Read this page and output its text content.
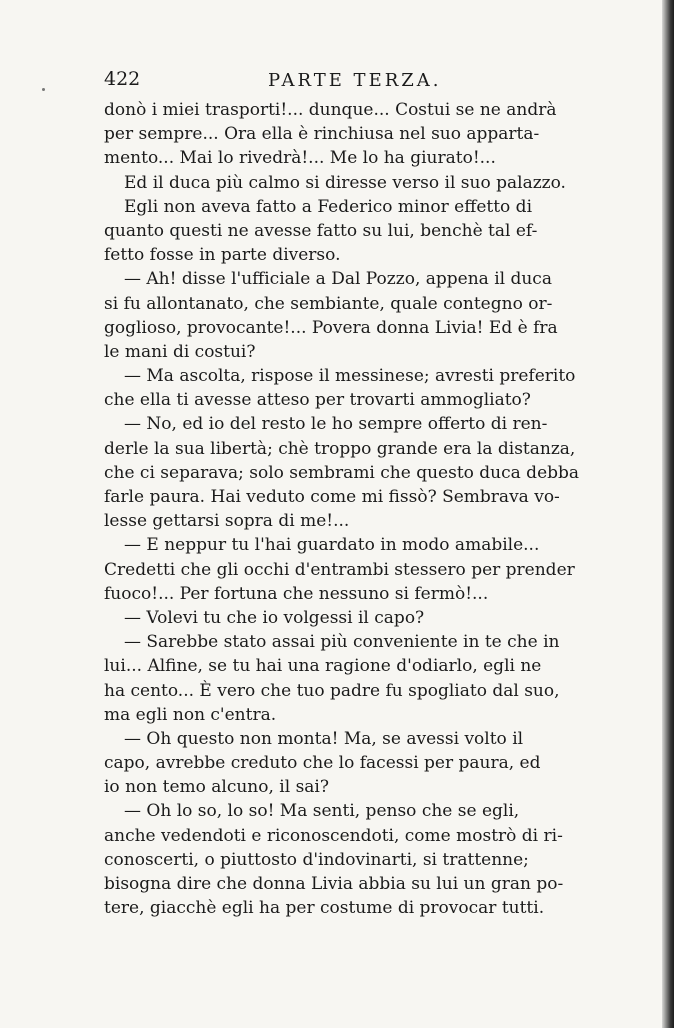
422	PARTE TERZA.
donò i miei trasporti!... dunque... Costui se ne andrà
per sempre... Ora ella è rinchiusa nel suo apparta-
mento... Mai lo rivedrà!... Me lo ha giurato!...
Ed il duca più calmo si diresse verso il suo palazzo.
Egli non aveva fatto a Federico minor effetto di
quanto questi ne avesse fatto su lui, benchè tal ef-
fetto fosse in parte diverso.
— Ah! disse l'ufficiale a Dal Pozzo, appena il duca
si fu allontanato, che sembiante, quale contegno or-
goglioso, provocante!... Povera donna Livia! Ed è fra
le mani di costui?
— Ma ascolta, rispose il messinese; avresti preferito
che ella ti avesse atteso per trovarti ammogliato?
— No, ed io del resto le ho sempre offerto di ren-
derle la sua libertà; chè troppo grande era la distanza,
che ci separava; solo sembrami che questo duca debba
farle paura. Hai veduto come mi fissò? Sembrava vo-
lesse gettarsi sopra di me!...
— E neppur tu l'hai guardato in modo amabile...
Credetti che gli occhi d'entrambi stessero per prender
fuoco!... Per fortuna che nessuno si fermò!...
— Volevi tu che io volgessi il capo?
— Sarebbe stato assai più conveniente in te che in
lui... Alfine, se tu hai una ragione d'odiarlo, egli ne
ha cento... È vero che tuo padre fu spogliato dal suo,
ma egli non c'entra.
— Oh questo non monta! Ma, se avessi volto il
capo, avrebbe creduto che lo facessi per paura, ed
io non temo alcuno, il sai?
— Oh lo so, lo so! Ma senti, penso che se egli,
anche vedendoti e riconoscendoti, come mostrò di ri-
conoscerti, o piuttosto d'indovinarti, si trattenne;
bisogna dire che donna Livia abbia su lui un gran po-
tere, giacchè egli ha per costume di provocar tutti.
